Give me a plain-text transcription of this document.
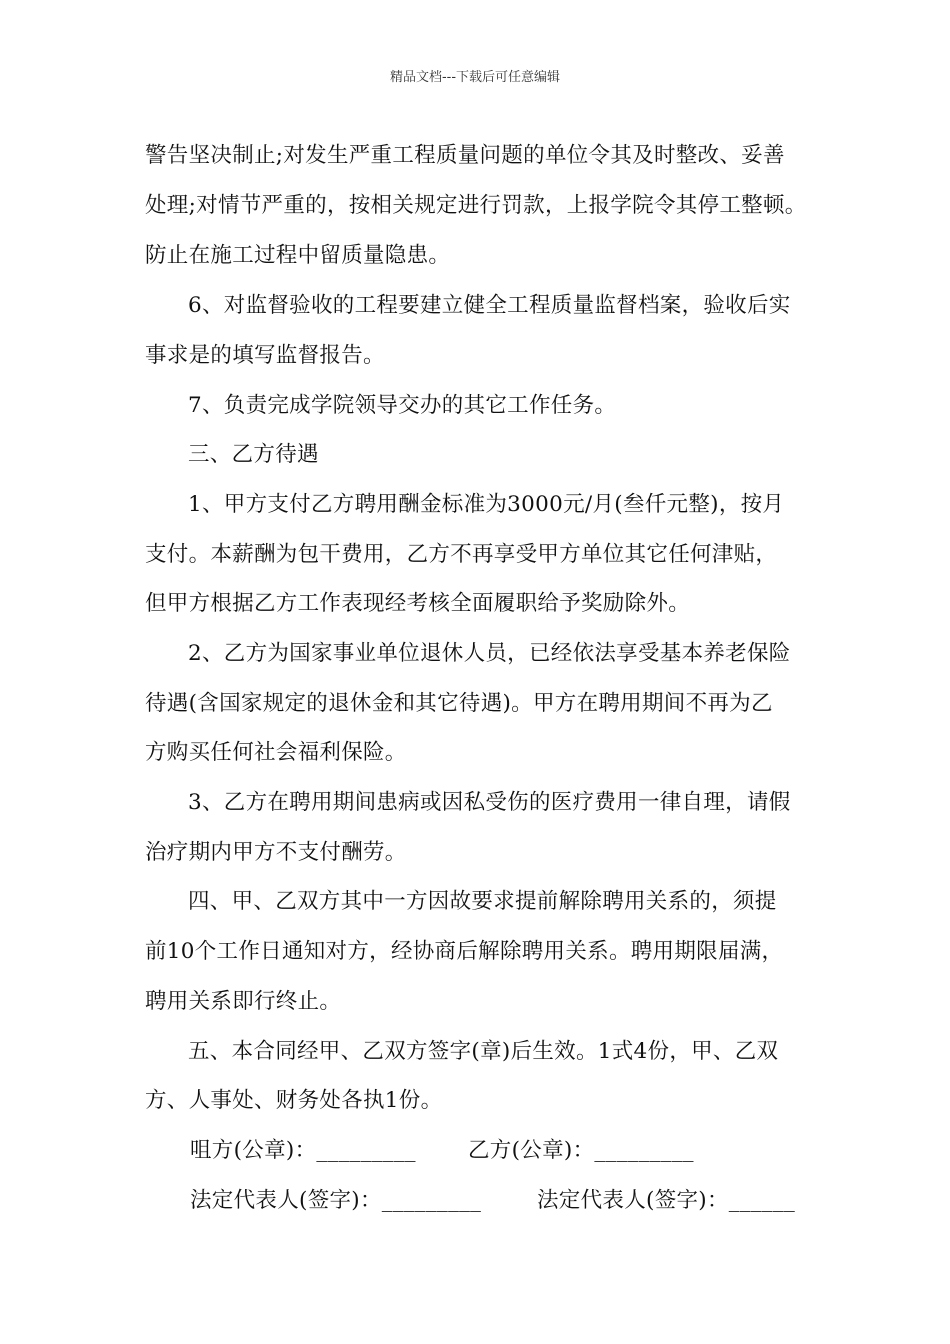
精品文档---下载后可任意编辑
警告坚决制止;对发生严重工程质量问题的单位令其及时整改、妥善
处理;对情节严重的，按相关规定进行罚款，上报学院令其停工整顿。
防止在施工过程中留质量隐患。
6、对监督验收的工程要建立健全工程质量监督档案，验收后实
事求是的填写监督报告。
7、负责完成学院领导交办的其它工作任务。
三、乙方待遇
1、甲方支付乙方聘用酬金标准为3000元/月(叁仟元整)，按月
支付。本薪酬为包干费用，乙方不再享受甲方单位其它任何津贴，
但甲方根据乙方工作表现经考核全面履职给予奖励除外。
2、乙方为国家事业单位退休人员，已经依法享受基本养老保险
待遇(含国家规定的退休金和其它待遇)。甲方在聘用期间不再为乙
方购买任何社会福利保险。
3、乙方在聘用期间患病或因私受伤的医疗费用一律自理，请假
治疗期内甲方不支付酬劳。
四、甲、乙双方其中一方因故要求提前解除聘用关系的，须提
前10个工作日通知对方，经协商后解除聘用关系。聘用期限届满，
聘用关系即行终止。
五、本合同经甲、乙双方签字(章)后生效。1式4份，甲、乙双
方、人事处、财务处各执1份。
咀方(公章)：_________ 乙方(公章)：_________
法定代表人(签字)：_________	法定代表人(签字)：______
